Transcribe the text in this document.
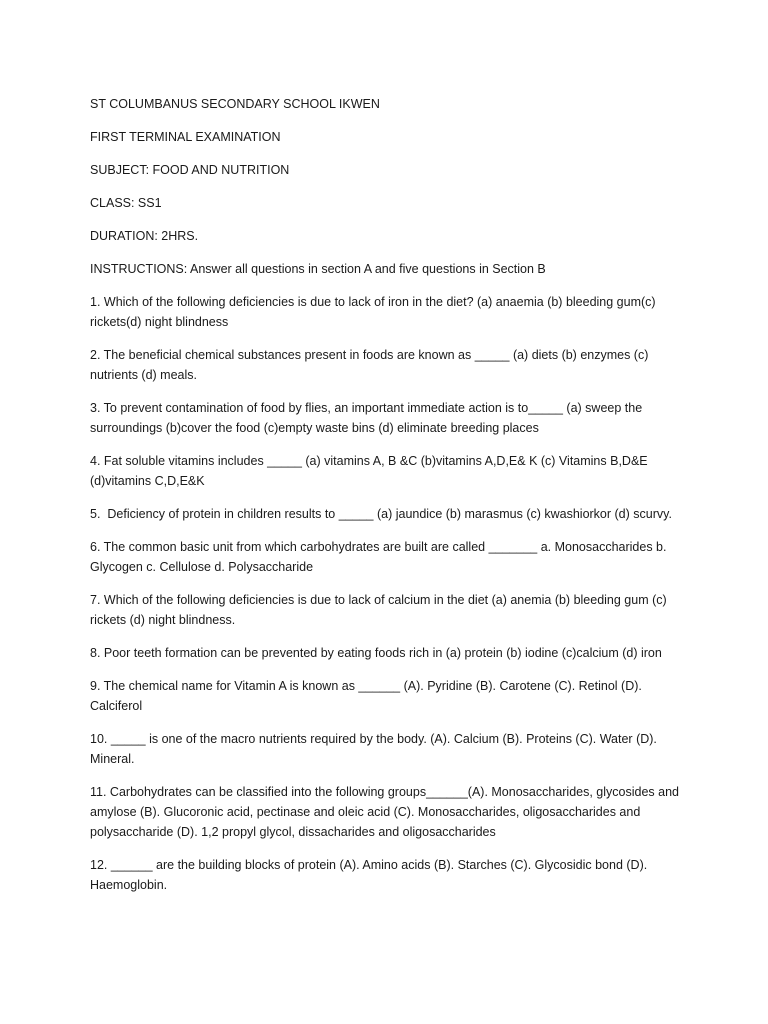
ST COLUMBANUS SECONDARY SCHOOL IKWEN
FIRST TERMINAL EXAMINATION
SUBJECT: FOOD AND NUTRITION
CLASS: SS1
DURATION: 2HRS.
INSTRUCTIONS: Answer all questions in section A and five questions in Section B
1. Which of the following deficiencies is due to lack of iron in the diet? (a) anaemia (b) bleeding gum(c) rickets(d) night blindness
2. The beneficial chemical substances present in foods are known as _____ (a) diets (b) enzymes (c) nutrients (d) meals.
3. To prevent contamination of food by flies, an important immediate action is to_____ (a) sweep the surroundings (b)cover the food (c)empty waste bins (d) eliminate breeding places
4. Fat soluble vitamins includes _____ (a) vitamins A, B &C (b)vitamins A,D,E& K (c) Vitamins B,D&E (d)vitamins C,D,E&K
5.  Deficiency of protein in children results to _____ (a) jaundice (b) marasmus (c) kwashiorkor (d) scurvy.
6. The common basic unit from which carbohydrates are built are called _______ a. Monosaccharides b. Glycogen c. Cellulose d. Polysaccharide
7. Which of the following deficiencies is due to lack of calcium in the diet (a) anemia (b) bleeding gum (c) rickets (d) night blindness.
8. Poor teeth formation can be prevented by eating foods rich in (a) protein (b) iodine (c)calcium (d) iron
9. The chemical name for Vitamin A is known as ______ (A). Pyridine (B). Carotene (C). Retinol (D). Calciferol
10. _____ is one of the macro nutrients required by the body. (A). Calcium (B). Proteins (C). Water (D). Mineral.
11. Carbohydrates can be classified into the following groups______(A). Monosaccharides, glycosides and amylose (B). Glucoronic acid, pectinase and oleic acid (C). Monosaccharides, oligosaccharides and polysaccharide (D). 1,2 propyl glycol, dissacharides and oligosaccharides
12. ______ are the building blocks of protein (A). Amino acids (B). Starches (C). Glycosidic bond (D). Haemoglobin.
